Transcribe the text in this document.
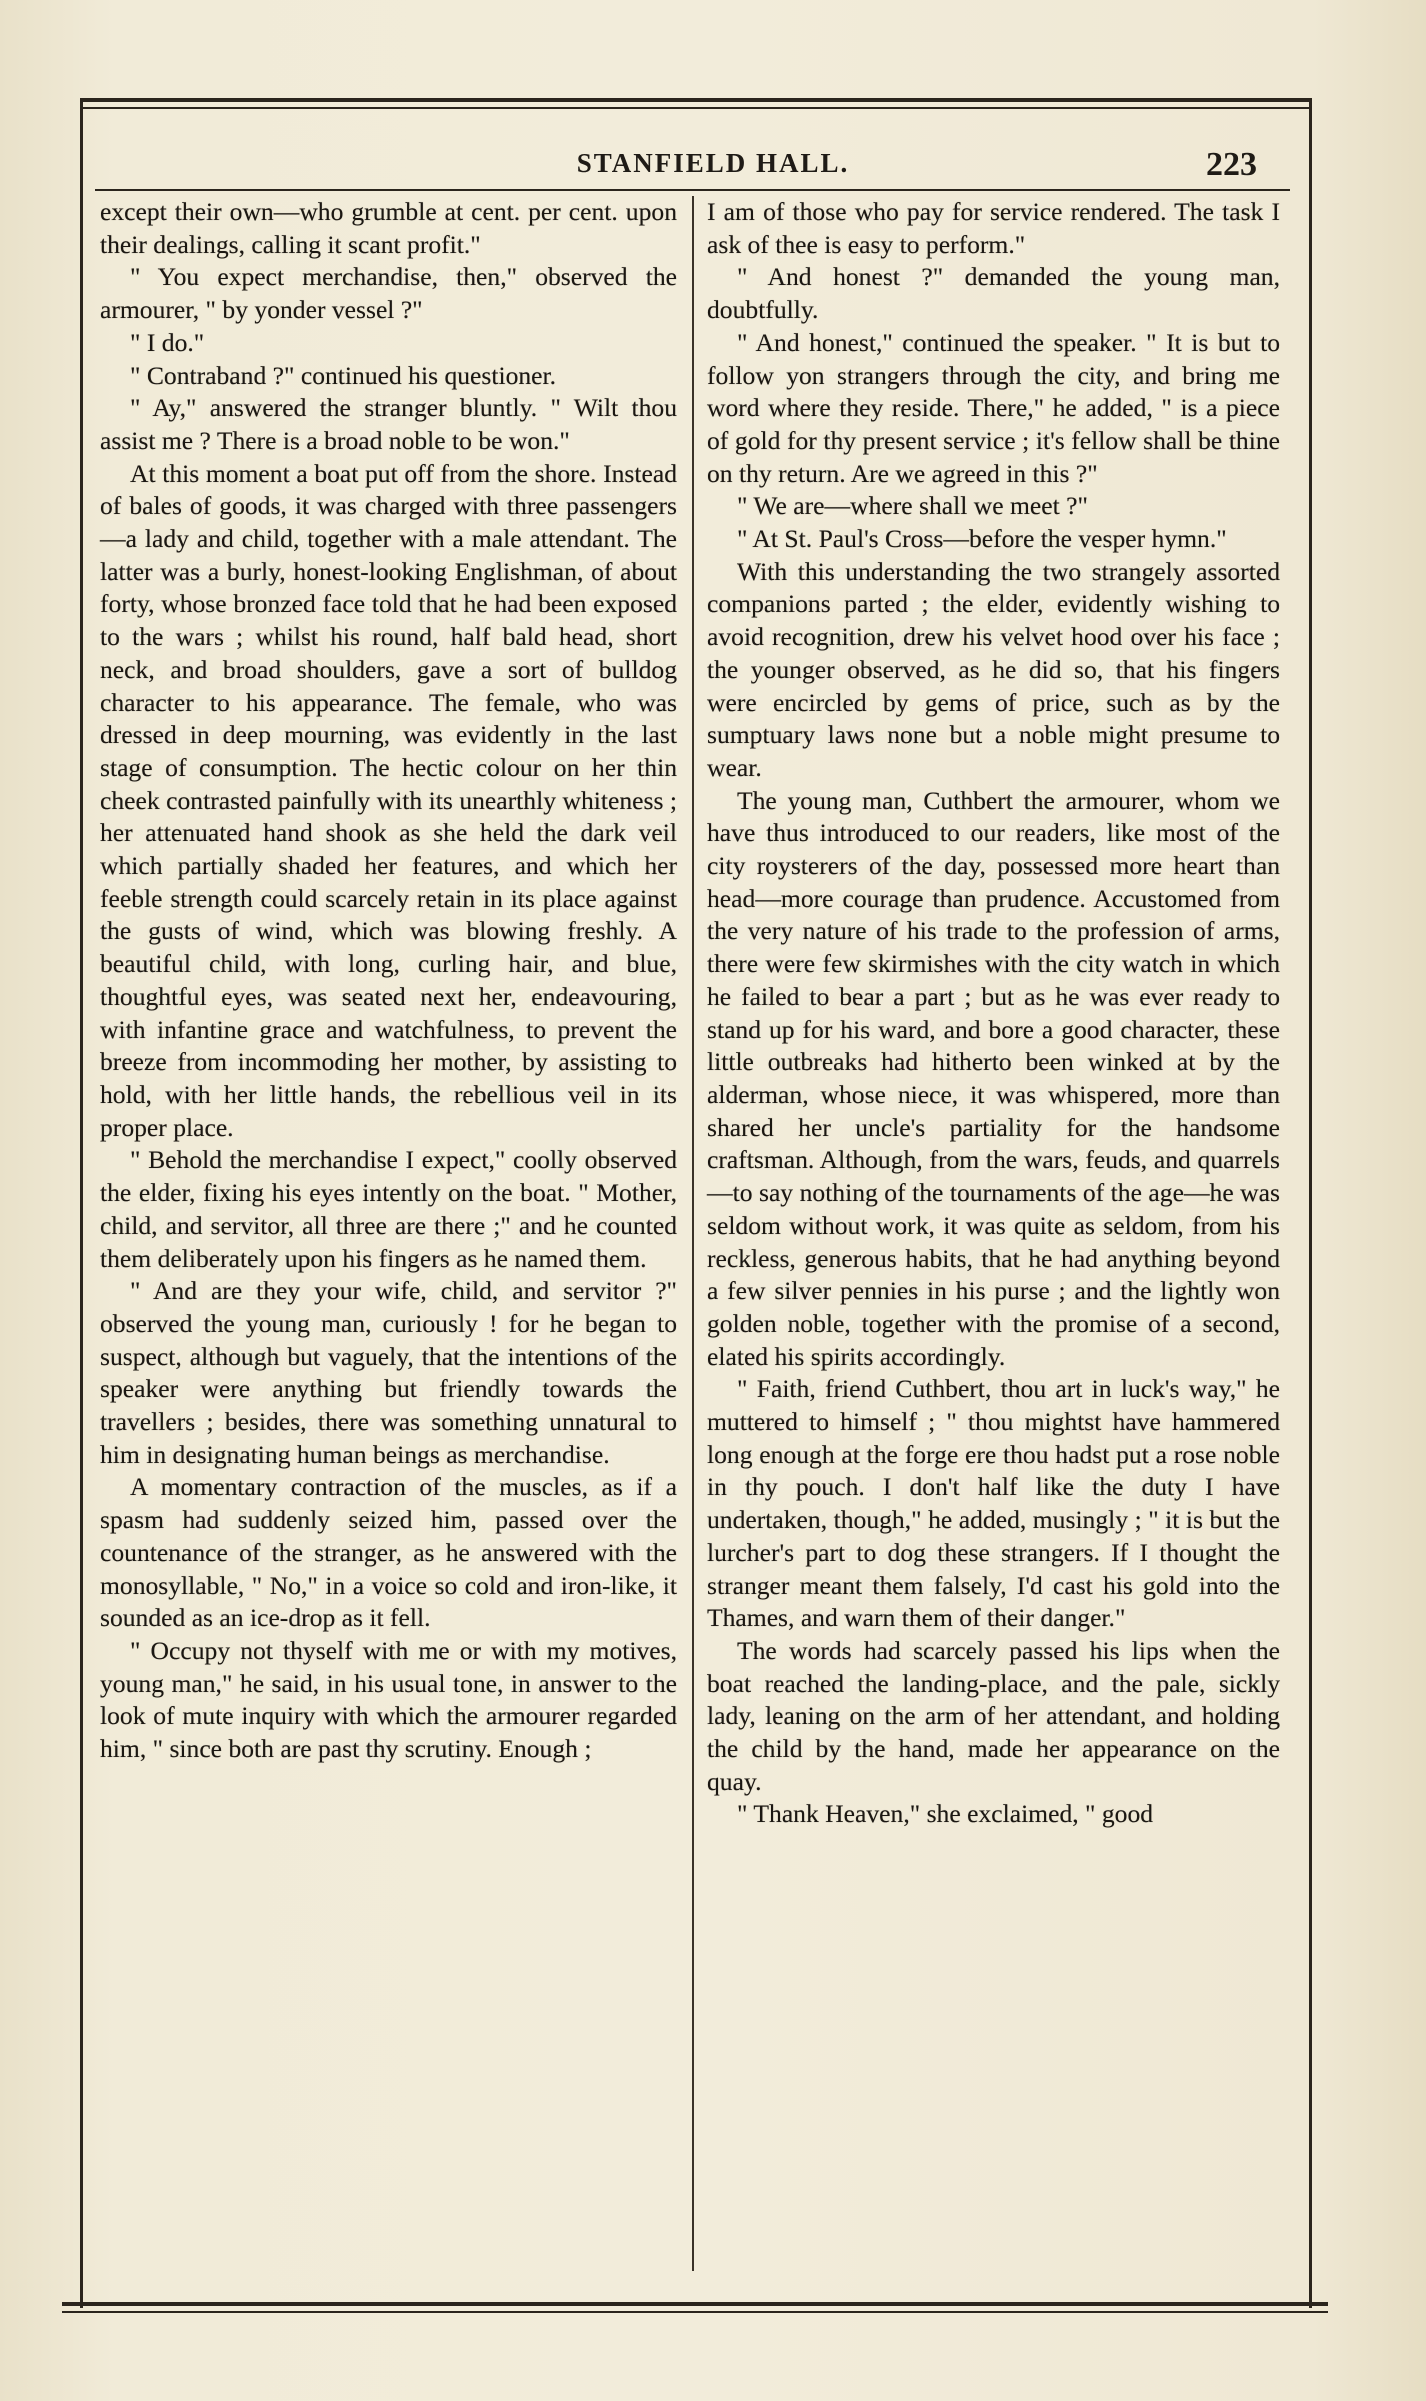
STANFIELD HALL.	223

except their own—who grumble at cent. per cent. upon their dealings, calling it scant profit."

" You expect merchandise, then," observed the armourer, " by yonder vessel ?"

" I do."

" Contraband ?" continued his questioner.

" Ay," answered the stranger bluntly. " Wilt thou assist me ? There is a broad noble to be won."

At this moment a boat put off from the shore. Instead of bales of goods, it was charged with three passengers—a lady and child, together with a male attendant. The latter was a burly, honest-looking Englishman, of about forty, whose bronzed face told that he had been exposed to the wars ; whilst his round, half bald head, short neck, and broad shoulders, gave a sort of bulldog character to his appearance. The female, who was dressed in deep mourning, was evidently in the last stage of consumption. The hectic colour on her thin cheek contrasted painfully with its unearthly whiteness ; her attenuated hand shook as she held the dark veil which partially shaded her features, and which her feeble strength could scarcely retain in its place against the gusts of wind, which was blowing freshly. A beautiful child, with long, curling hair, and blue, thoughtful eyes, was seated next her, endeavouring, with infantine grace and watchfulness, to prevent the breeze from incommoding her mother, by assisting to hold, with her little hands, the rebellious veil in its proper place.

" Behold the merchandise I expect," coolly observed the elder, fixing his eyes intently on the boat. " Mother, child, and servitor, all three are there ;" and he counted them deliberately upon his fingers as he named them.

" And are they your wife, child, and servitor ?" observed the young man, curiously ! for he began to suspect, although but vaguely, that the intentions of the speaker were anything but friendly towards the travellers ; besides, there was something unnatural to him in designating human beings as merchandise.

A momentary contraction of the muscles, as if a spasm had suddenly seized him, passed over the countenance of the stranger, as he answered with the monosyllable, " No," in a voice so cold and iron-like, it sounded as an ice-drop as it fell.

" Occupy not thyself with me or with my motives, young man," he said, in his usual tone, in answer to the look of mute inquiry with which the armourer regarded him, " since both are past thy scrutiny. Enough ;

I am of those who pay for service rendered. The task I ask of thee is easy to perform."

" And honest ?" demanded the young man, doubtfully.

" And honest," continued the speaker. " It is but to follow yon strangers through the city, and bring me word where they reside. There," he added, " is a piece of gold for thy present service ; it's fellow shall be thine on thy return. Are we agreed in this ?"

" We are—where shall we meet ?"

" At St. Paul's Cross—before the vesper hymn."

With this understanding the two strangely assorted companions parted ; the elder, evidently wishing to avoid recognition, drew his velvet hood over his face ; the younger observed, as he did so, that his fingers were encircled by gems of price, such as by the sumptuary laws none but a noble might presume to wear.

The young man, Cuthbert the armourer, whom we have thus introduced to our readers, like most of the city roysterers of the day, possessed more heart than head—more courage than prudence. Accustomed from the very nature of his trade to the profession of arms, there were few skirmishes with the city watch in which he failed to bear a part ; but as he was ever ready to stand up for his ward, and bore a good character, these little outbreaks had hitherto been winked at by the alderman, whose niece, it was whispered, more than shared her uncle's partiality for the handsome craftsman. Although, from the wars, feuds, and quarrels—to say nothing of the tournaments of the age—he was seldom without work, it was quite as seldom, from his reckless, generous habits, that he had anything beyond a few silver pennies in his purse ; and the lightly won golden noble, together with the promise of a second, elated his spirits accordingly.

" Faith, friend Cuthbert, thou art in luck's way," he muttered to himself ; " thou mightst have hammered long enough at the forge ere thou hadst put a rose noble in thy pouch. I don't half like the duty I have undertaken, though," he added, musingly ; " it is but the lurcher's part to dog these strangers. If I thought the stranger meant them falsely, I'd cast his gold into the Thames, and warn them of their danger."

The words had scarcely passed his lips when the boat reached the landing-place, and the pale, sickly lady, leaning on the arm of her attendant, and holding the child by the hand, made her appearance on the quay.

" Thank Heaven," she exclaimed, " good
